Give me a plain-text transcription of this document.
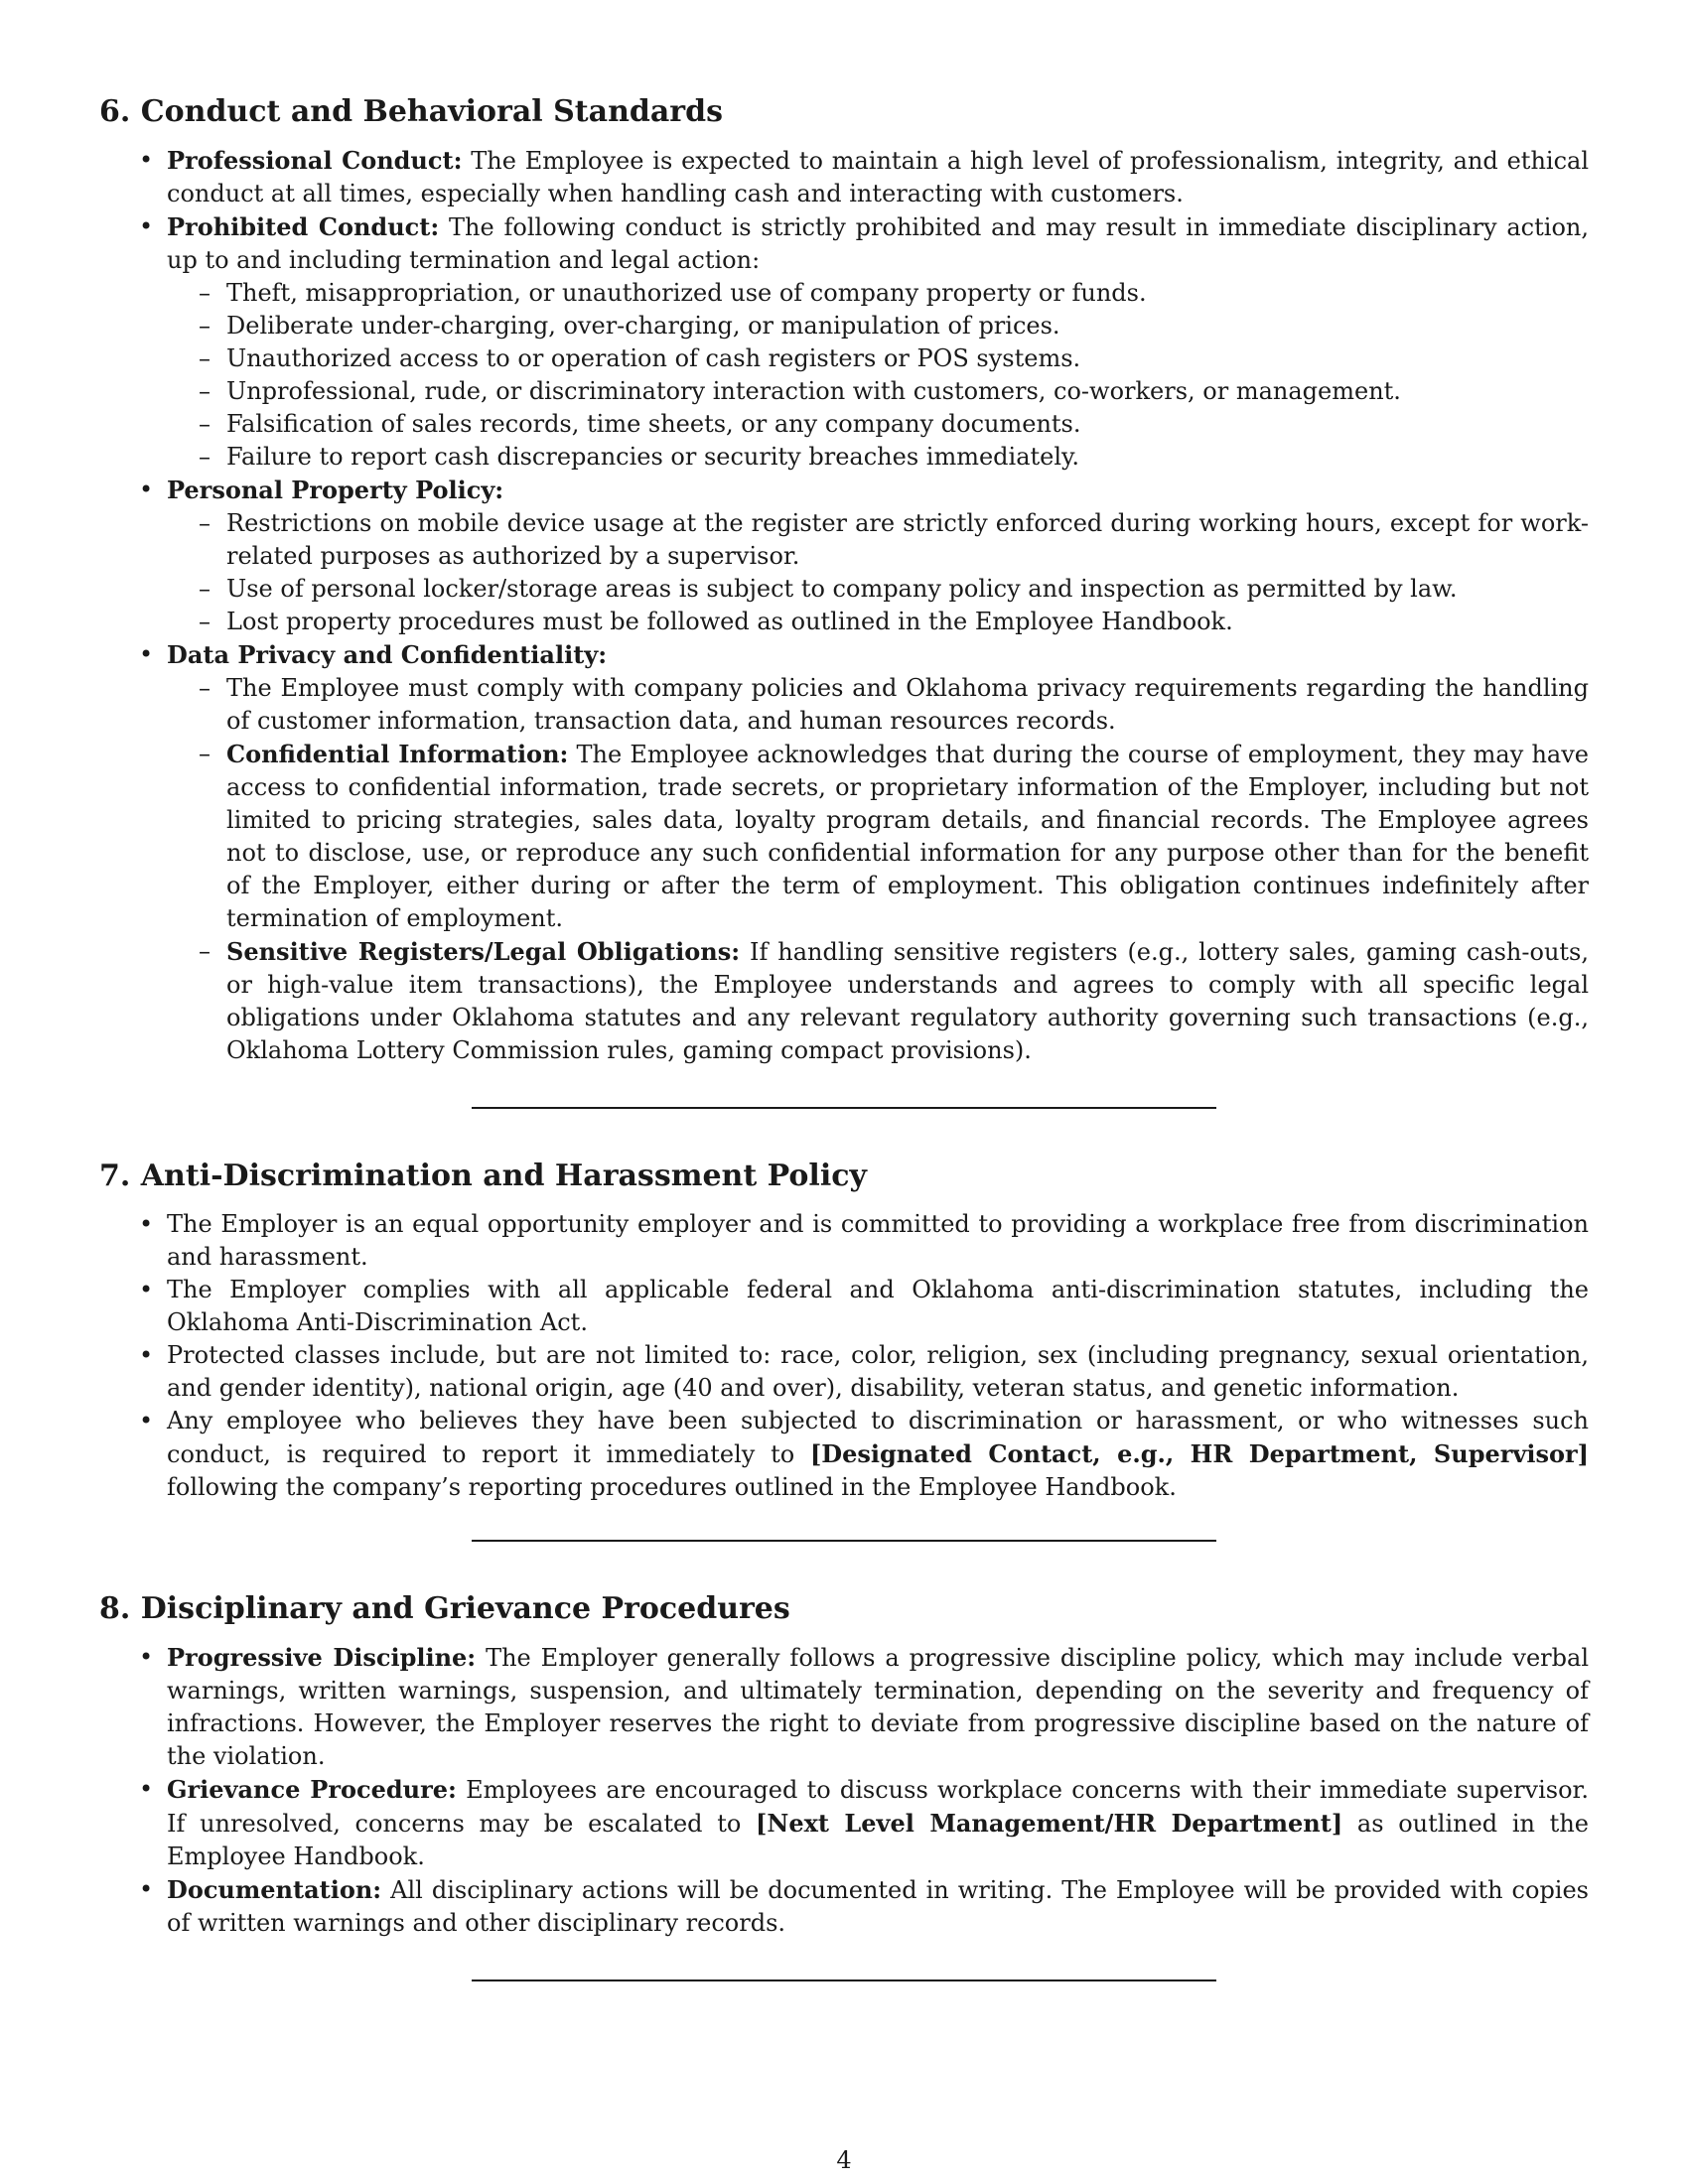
6. Conduct and Behavioral Standards
• Professional Conduct: The Employee is expected to maintain a high level of professionalism, integrity, and ethical conduct at all times, especially when handling cash and interacting with customers.
• Prohibited Conduct: The following conduct is strictly prohibited and may result in immediate disciplinary action, up to and including termination and legal action:
– Theft, misappropriation, or unauthorized use of company property or funds.
– Deliberate under-charging, over-charging, or manipulation of prices.
– Unauthorized access to or operation of cash registers or POS systems.
– Unprofessional, rude, or discriminatory interaction with customers, co-workers, or management.
– Falsification of sales records, time sheets, or any company documents.
– Failure to report cash discrepancies or security breaches immediately.
• Personal Property Policy:
– Restrictions on mobile device usage at the register are strictly enforced during working hours, except for work-related purposes as authorized by a supervisor.
– Use of personal locker/storage areas is subject to company policy and inspection as permitted by law.
– Lost property procedures must be followed as outlined in the Employee Handbook.
• Data Privacy and Confidentiality:
– The Employee must comply with company policies and Oklahoma privacy requirements regarding the handling of customer information, transaction data, and human resources records.
– Confidential Information: The Employee acknowledges that during the course of employment, they may have access to confidential information, trade secrets, or proprietary information of the Employer, including but not limited to pricing strategies, sales data, loyalty program details, and financial records. The Employee agrees not to disclose, use, or reproduce any such confidential information for any purpose other than for the benefit of the Employer, either during or after the term of employment. This obligation continues indefinitely after termination of employment.
– Sensitive Registers/Legal Obligations: If handling sensitive registers (e.g., lottery sales, gaming cash-outs, or high-value item transactions), the Employee understands and agrees to comply with all specific legal obligations under Oklahoma statutes and any relevant regulatory authority governing such transactions (e.g., Oklahoma Lottery Commission rules, gaming compact provisions).
7. Anti-Discrimination and Harassment Policy
• The Employer is an equal opportunity employer and is committed to providing a workplace free from discrimination and harassment.
• The Employer complies with all applicable federal and Oklahoma anti-discrimination statutes, including the Oklahoma Anti-Discrimination Act.
• Protected classes include, but are not limited to: race, color, religion, sex (including pregnancy, sexual orientation, and gender identity), national origin, age (40 and over), disability, veteran status, and genetic information.
• Any employee who believes they have been subjected to discrimination or harassment, or who witnesses such conduct, is required to report it immediately to [Designated Contact, e.g., HR Department, Supervisor] following the company’s reporting procedures outlined in the Employee Handbook.
8. Disciplinary and Grievance Procedures
• Progressive Discipline: The Employer generally follows a progressive discipline policy, which may include verbal warnings, written warnings, suspension, and ultimately termination, depending on the severity and frequency of infractions. However, the Employer reserves the right to deviate from progressive discipline based on the nature of the violation.
• Grievance Procedure: Employees are encouraged to discuss workplace concerns with their immediate supervisor. If unresolved, concerns may be escalated to [Next Level Management/HR Department] as outlined in the Employee Handbook.
• Documentation: All disciplinary actions will be documented in writing. The Employee will be provided with copies of written warnings and other disciplinary records.
4
